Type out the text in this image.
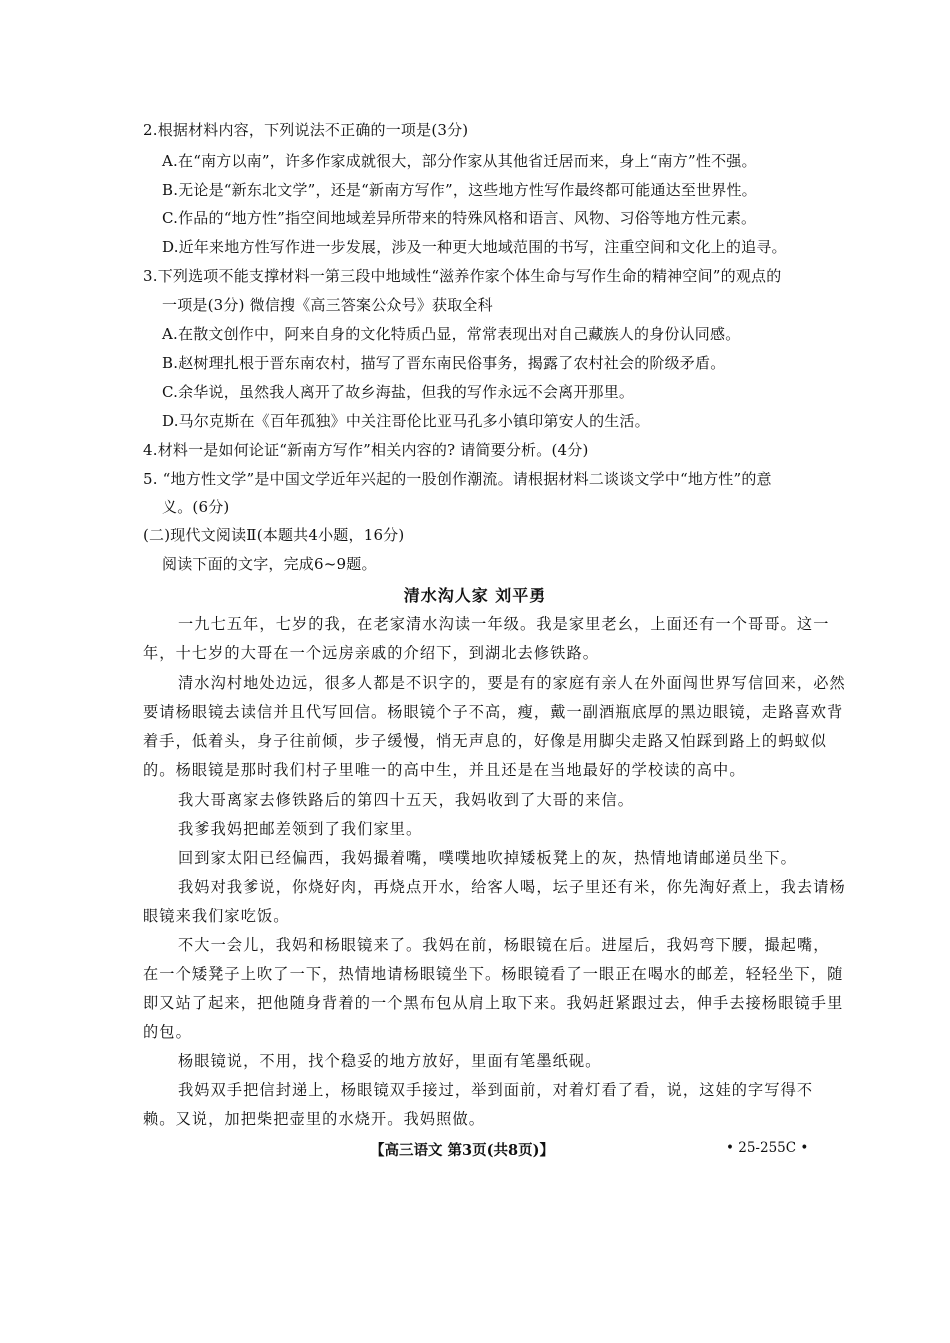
2.根据材料内容，下列说法不正确的一项是(3分)
A.在“南方以南”，许多作家成就很大，部分作家从其他省迁居而来，身上“南方”性不强。
B.无论是“新东北文学”，还是“新南方写作”，这些地方性写作最终都可能通达至世界性。
C.作品的“地方性”指空间地域差异所带来的特殊风格和语言、风物、习俗等地方性元素。
D.近年来地方性写作进一步发展，涉及一种更大地域范围的书写，注重空间和文化上的追寻。
3.下列选项不能支撑材料一第三段中地域性“滋养作家个体生命与写作生命的精神空间”的观点的
一项是(3分) 微信搜《高三答案公众号》获取全科
A.在散文创作中，阿来自身的文化特质凸显，常常表现出对自己藏族人的身份认同感。
B.赵树理扎根于晋东南农村，描写了晋东南民俗事务，揭露了农村社会的阶级矛盾。
C.余华说，虽然我人离开了故乡海盐，但我的写作永远不会离开那里。
D.马尔克斯在《百年孤独》中关注哥伦比亚马孔多小镇印第安人的生活。
4.材料一是如何论证“新南方写作”相关内容的? 请简要分析。(4分)
5. “地方性文学”是中国文学近年兴起的一股创作潮流。请根据材料二谈谈文学中“地方性”的意
义。(6分)
(二)现代文阅读Ⅱ(本题共4小题，16分)
阅读下面的文字，完成6~9题。
清水沟人家 刘平勇
一九七五年，七岁的我，在老家清水沟读一年级。我是家里老幺，上面还有一个哥哥。这一
年，十七岁的大哥在一个远房亲戚的介绍下，到湖北去修铁路。
清水沟村地处边远，很多人都是不识字的，要是有的家庭有亲人在外面闯世界写信回来，必然
要请杨眼镜去读信并且代写回信。杨眼镜个子不高，瘦，戴一副酒瓶底厚的黑边眼镜，走路喜欢背
着手，低着头，身子往前倾，步子缓慢，悄无声息的，好像是用脚尖走路又怕踩到路上的蚂蚁似
的。杨眼镜是那时我们村子里唯一的高中生，并且还是在当地最好的学校读的高中。
我大哥离家去修铁路后的第四十五天，我妈收到了大哥的来信。
我爹我妈把邮差领到了我们家里。
回到家太阳已经偏西，我妈撮着嘴，噗噗地吹掉矮板凳上的灰，热情地请邮递员坐下。
我妈对我爹说，你烧好肉，再烧点开水，给客人喝，坛子里还有米，你先淘好煮上，我去请杨
眼镜来我们家吃饭。
不大一会儿，我妈和杨眼镜来了。我妈在前，杨眼镜在后。进屋后，我妈弯下腰，撮起嘴，
在一个矮凳子上吹了一下，热情地请杨眼镜坐下。杨眼镜看了一眼正在喝水的邮差，轻轻坐下，随
即又站了起来，把他随身背着的一个黑布包从肩上取下来。我妈赶紧跟过去，伸手去接杨眼镜手里
的包。
杨眼镜说，不用，找个稳妥的地方放好，里面有笔墨纸砚。
我妈双手把信封递上，杨眼镜双手接过，举到面前，对着灯看了看，说，这娃的字写得不
赖。又说，加把柴把壶里的水烧开。我妈照做。
【高三语文 第3页(共8页)】	• 25-255C •
